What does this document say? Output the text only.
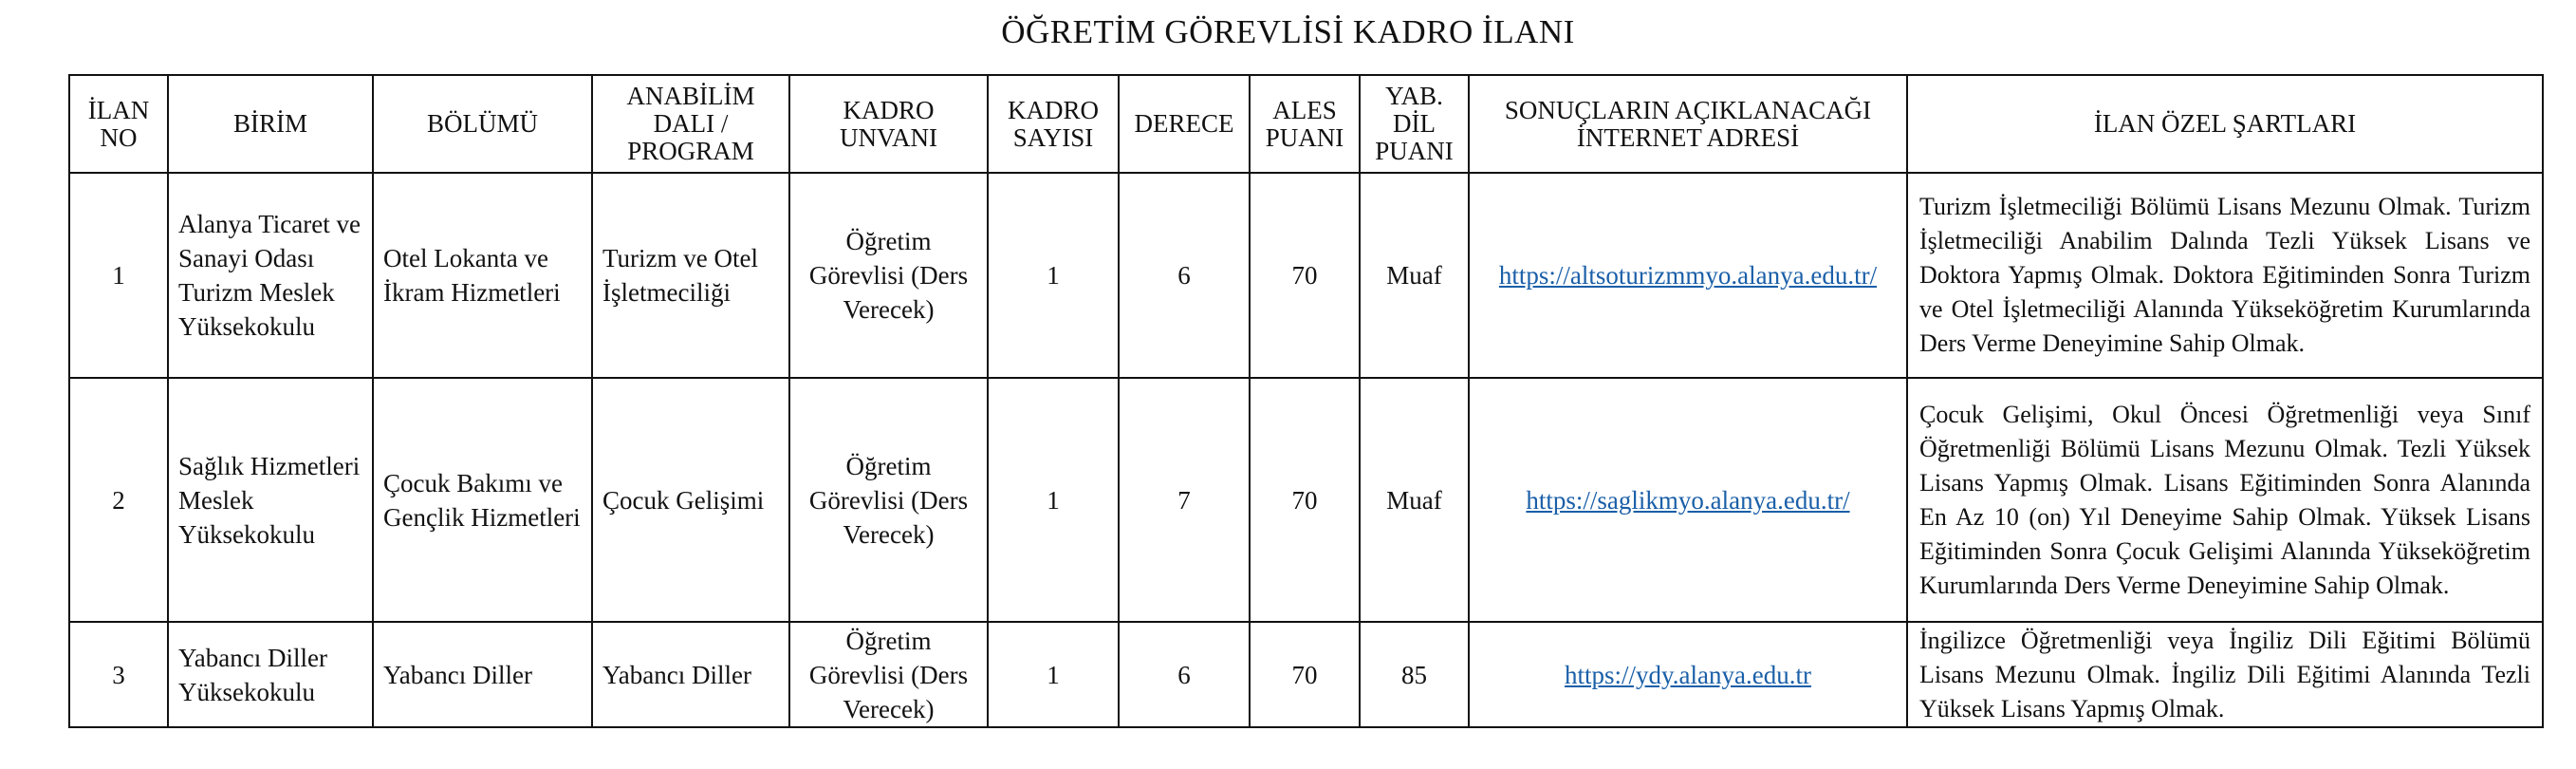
ÖĞRETİM GÖREVLİSİ KADRO İLANI
İLAN NO	BİRİM	BÖLÜMÜ	ANABİLİM DALI / PROGRAM	KADRO UNVANI	KADRO SAYISI	DERECE	ALES PUANI	YAB. DİL PUANI	SONUÇLARIN AÇIKLANACAĞI İNTERNET ADRESİ	İLAN ÖZEL ŞARTLARI
1	Alanya Ticaret ve Sanayi Odası Turizm Meslek Yüksekokulu	Otel Lokanta ve İkram Hizmetleri	Turizm ve Otel İşletmeciliği	Öğretim Görevlisi (Ders Verecek)	1	6	70	Muaf	https://altsoturizmmyo.alanya.edu.tr/	Turizm İşletmeciliği Bölümü Lisans Mezunu Olmak. Turizm İşletmeciliği Anabilim Dalında Tezli Yüksek Lisans ve Doktora Yapmış Olmak. Doktora Eğitiminden Sonra Turizm ve Otel İşletmeciliği Alanında Yükseköğretim Kurumlarında Ders Verme Deneyimine Sahip Olmak.
2	Sağlık Hizmetleri Meslek Yüksekokulu	Çocuk Bakımı ve Gençlik Hizmetleri	Çocuk Gelişimi	Öğretim Görevlisi (Ders Verecek)	1	7	70	Muaf	https://saglikmyo.alanya.edu.tr/	Çocuk Gelişimi, Okul Öncesi Öğretmenliği veya Sınıf Öğretmenliği Bölümü Lisans Mezunu Olmak. Tezli Yüksek Lisans Yapmış Olmak. Lisans Eğitiminden Sonra Alanında En Az 10 (on) Yıl Deneyime Sahip Olmak. Yüksek Lisans Eğitiminden Sonra Çocuk Gelişimi Alanında Yükseköğretim Kurumlarında Ders Verme Deneyimine Sahip Olmak.
3	Yabancı Diller Yüksekokulu	Yabancı Diller	Yabancı Diller	Öğretim Görevlisi (Ders Verecek)	1	6	70	85	https://ydy.alanya.edu.tr	İngilizce Öğretmenliği veya İngiliz Dili Eğitimi Bölümü Lisans Mezunu Olmak. İngiliz Dili Eğitimi Alanında Tezli Yüksek Lisans Yapmış Olmak.
